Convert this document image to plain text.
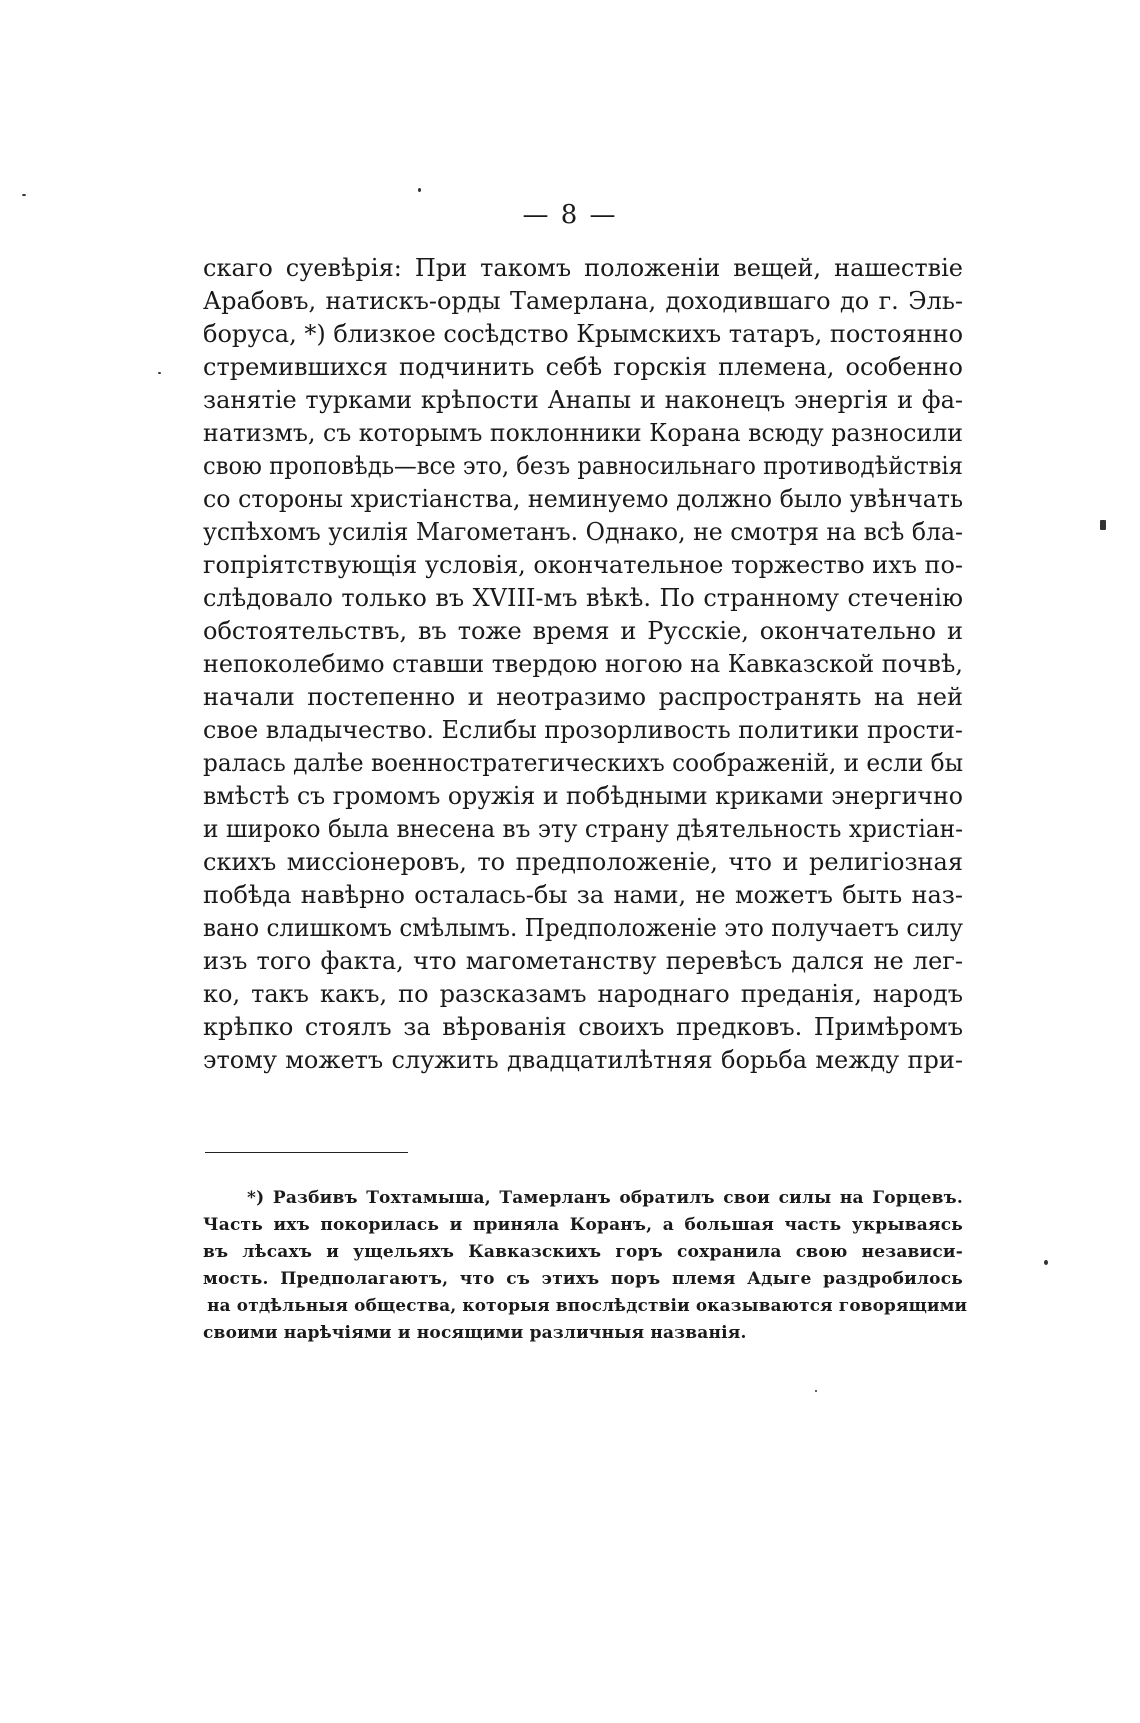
— 8 —
скаго суевѣрія: При такомъ положеніи вещей, нашествіе
Арабовъ, натискъ-орды Тамерлана, доходившаго до г. Эль-
боруса, *) близкое сосѣдство Крымскихъ татаръ, постоянно
стремившихся подчинить себѣ горскія племена, особенно
занятіе турками крѣпости Анапы и наконецъ энергія и фа-
натизмъ, съ которымъ поклонники Корана всюду разносили
свою проповѣдь—все это, безъ равносильнаго противодѣйствія
со стороны христіанства, неминуемо должно было увѣнчать
успѣхомъ усилія Магометанъ. Однако, не смотря на всѣ бла-
гопріятствующія условія, окончательное торжество ихъ по-
слѣдовало только въ XVIII-мъ вѣкѣ. По странному стеченію
обстоятельствъ, въ тоже время и Русскіе, окончательно и
непоколебимо ставши твердою ногою на Кавказской почвѣ,
начали постепенно и неотразимо распространять на ней
свое владычество. Еслибы прозорливость политики прости-
ралась далѣе военностратегическихъ соображеній, и если бы
вмѣстѣ съ громомъ оружія и побѣдными криками энергично
и широко была внесена въ эту страну дѣятельность христіан-
скихъ миссіонеровъ, то предположеніе, что и религіозная
побѣда навѣрно осталась-бы за нами, не можетъ быть наз-
вано слишкомъ смѣлымъ. Предположеніе это получаетъ силу
изъ того факта, что магометанству перевѣсъ дался не лег-
ко, такъ какъ, по разсказамъ народнаго преданія, народъ
крѣпко стоялъ за вѣрованія своихъ предковъ. Примѣромъ
этому можетъ служить двадцатилѣтняя борьба между при-
*) Разбивъ Тохтамыша, Тамерланъ обратилъ свои силы на Горцевъ.
Часть ихъ покорилась и приняла Коранъ, а большая часть укрываясь
въ лѣсахъ и ущельяхъ Кавказскихъ горъ сохранила свою независи-
мость. Предполагаютъ, что съ этихъ поръ племя Адыге раздробилось
на отдѣльныя общества, которыя впослѣдствіи оказываются говорящими
своими нарѣчіями и носящими различныя названія.
